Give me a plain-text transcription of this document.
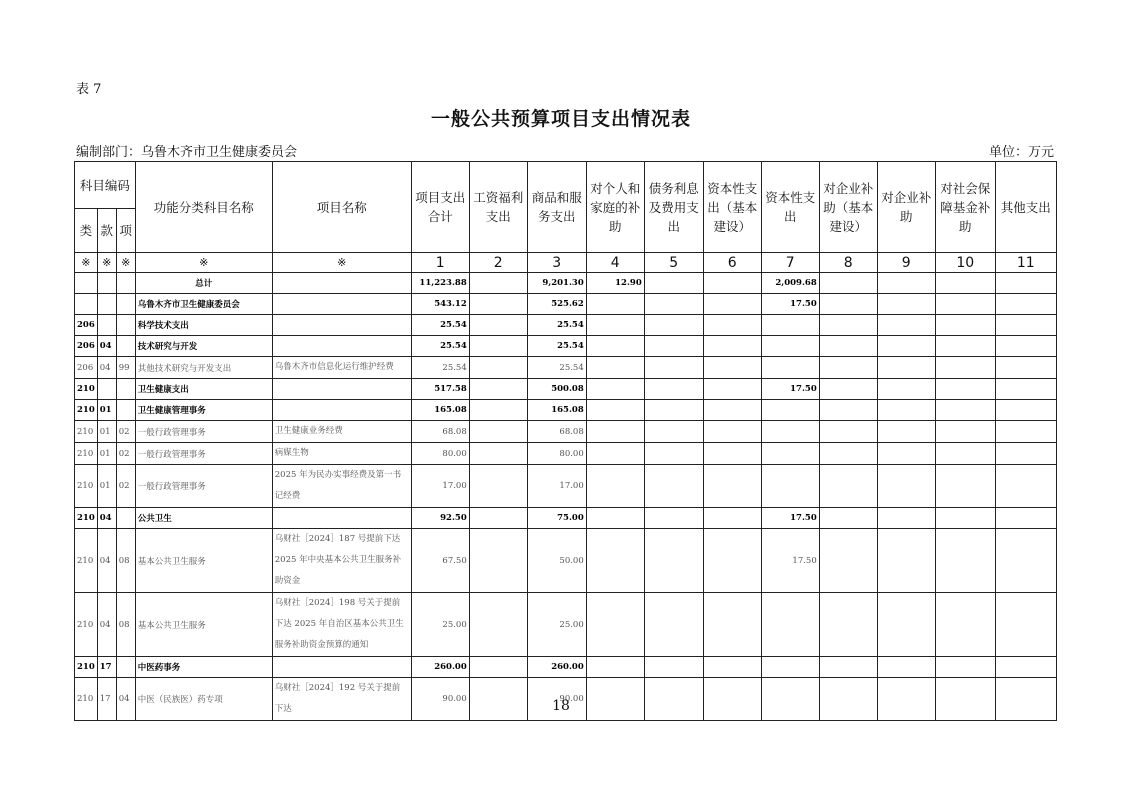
表 7
一般公共预算项目支出情况表
编制部门：乌鲁木齐市卫生健康委员会	单位：万元
科目编码			功能分类科目名称	项目名称	项目支出合计	工资福利支出	商品和服务支出	对个人和家庭的补助	债务利息及费用支出	资本性支出（基本建设）	资本性支出	对企业补助（基本建设）	对企业补助	对社会保障基金补助	其他支出
类	款	项													
※	※	※	※	※	1	2	3	4	5	6	7	8	9	10	11
			总计		11,223.88		9,201.30	12.90			2,009.68				
			乌鲁木齐市卫生健康委员会		543.12		525.62				17.50				
206			科学技术支出		25.54		25.54								
206	04		技术研究与开发		25.54		25.54								
206	04	99	其他技术研究与开发支出	乌鲁木齐市信息化运行维护经费	25.54		25.54								
210			卫生健康支出		517.58		500.08				17.50				
210	01		卫生健康管理事务		165.08		165.08								
210	01	02	一般行政管理事务	卫生健康业务经费	68.08		68.08								
210	01	02	一般行政管理事务	病媒生物	80.00		80.00								
210	01	02	一般行政管理事务	2025 年为民办实事经费及第一书记经费	17.00		17.00								
210	04		公共卫生		92.50		75.00				17.50				
210	04	08	基本公共卫生服务	乌财社［2024］187 号提前下达 2025 年中央基本公共卫生服务补助资金	67.50		50.00				17.50				
210	04	08	基本公共卫生服务	乌财社［2024］198 号关于提前下达 2025 年自治区基本公共卫生服务补助资金预算的通知	25.00		25.00								
210	17		中医药事务		260.00		260.00								
210	17	04	中医（民族医）药专项	乌财社［2024］192 号关于提前下达	90.00		90.00								
18
